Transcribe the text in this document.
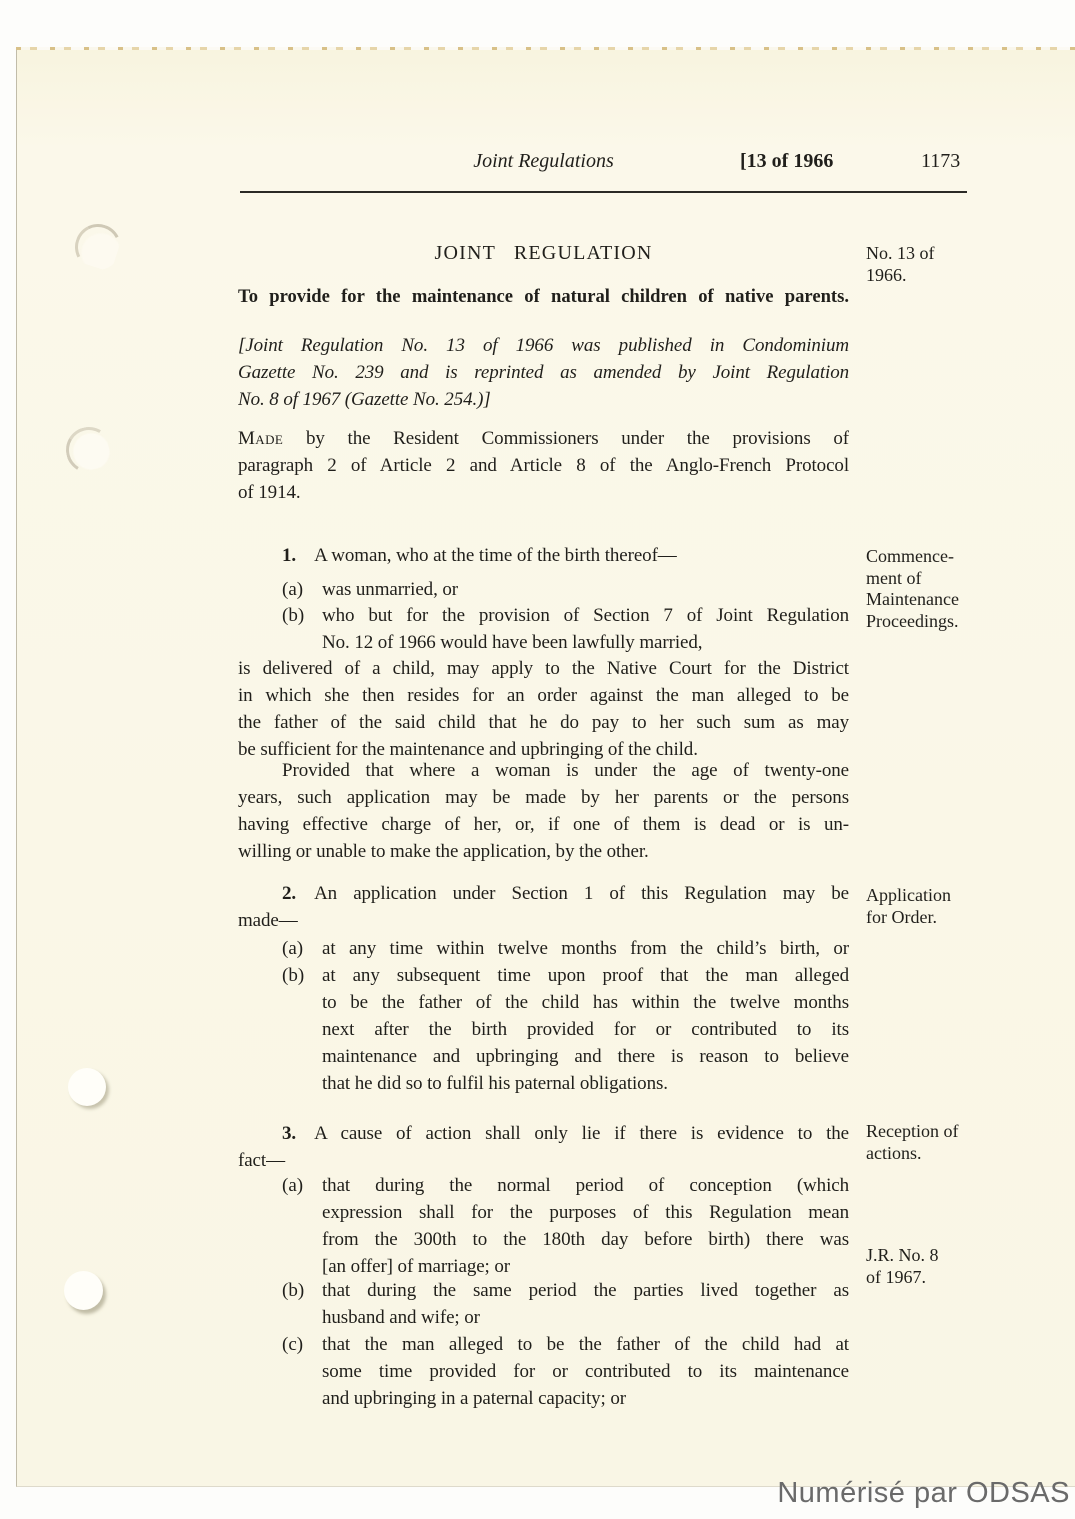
Joint Regulations	[13 of 1966	1173
JOINT REGULATION
To provide for the maintenance of natural children of native parents.
[Joint Regulation No. 13 of 1966 was published in Condominium
Gazette No. 239 and is reprinted as amended by Joint Regulation
No. 8 of 1967 (Gazette No. 254.)]
Made by the Resident Commissioners under the provisions of
paragraph 2 of Article 2 and Article 8 of the Anglo-French Protocol
of 1914.
1. A woman, who at the time of the birth thereof—
(a) was unmarried, or
(b) who but for the provision of Section 7 of Joint Regulation
No. 12 of 1966 would have been lawfully married,
is delivered of a child, may apply to the Native Court for the District
in which she then resides for an order against the man alleged to be
the father of the said child that he do pay to her such sum as may
be sufficient for the maintenance and upbringing of the child.
Provided that where a woman is under the age of twenty-one
years, such application may be made by her parents or the persons
having effective charge of her, or, if one of them is dead or is un-
willing or unable to make the application, by the other.
2. An application under Section 1 of this Regulation may be
made—
(a) at any time within twelve months from the child’s birth, or
(b) at any subsequent time upon proof that the man alleged
to be the father of the child has within the twelve months
next after the birth provided for or contributed to its
maintenance and upbringing and there is reason to believe
that he did so to fulfil his paternal obligations.
3. A cause of action shall only lie if there is evidence to the
fact—
(a) that during the normal period of conception (which
expression shall for the purposes of this Regulation mean
from the 300th to the 180th day before birth) there was
[an offer] of marriage; or
(b) that during the same period the parties lived together as
husband and wife; or
(c) that the man alleged to be the father of the child had at
some time provided for or contributed to its maintenance
and upbringing in a paternal capacity; or
No. 13 of
1966.
Commence-
ment of
Maintenance
Proceedings.
Application
for Order.
Reception of
actions.
J.R. No. 8
of 1967.
Numérisé par ODSAS
